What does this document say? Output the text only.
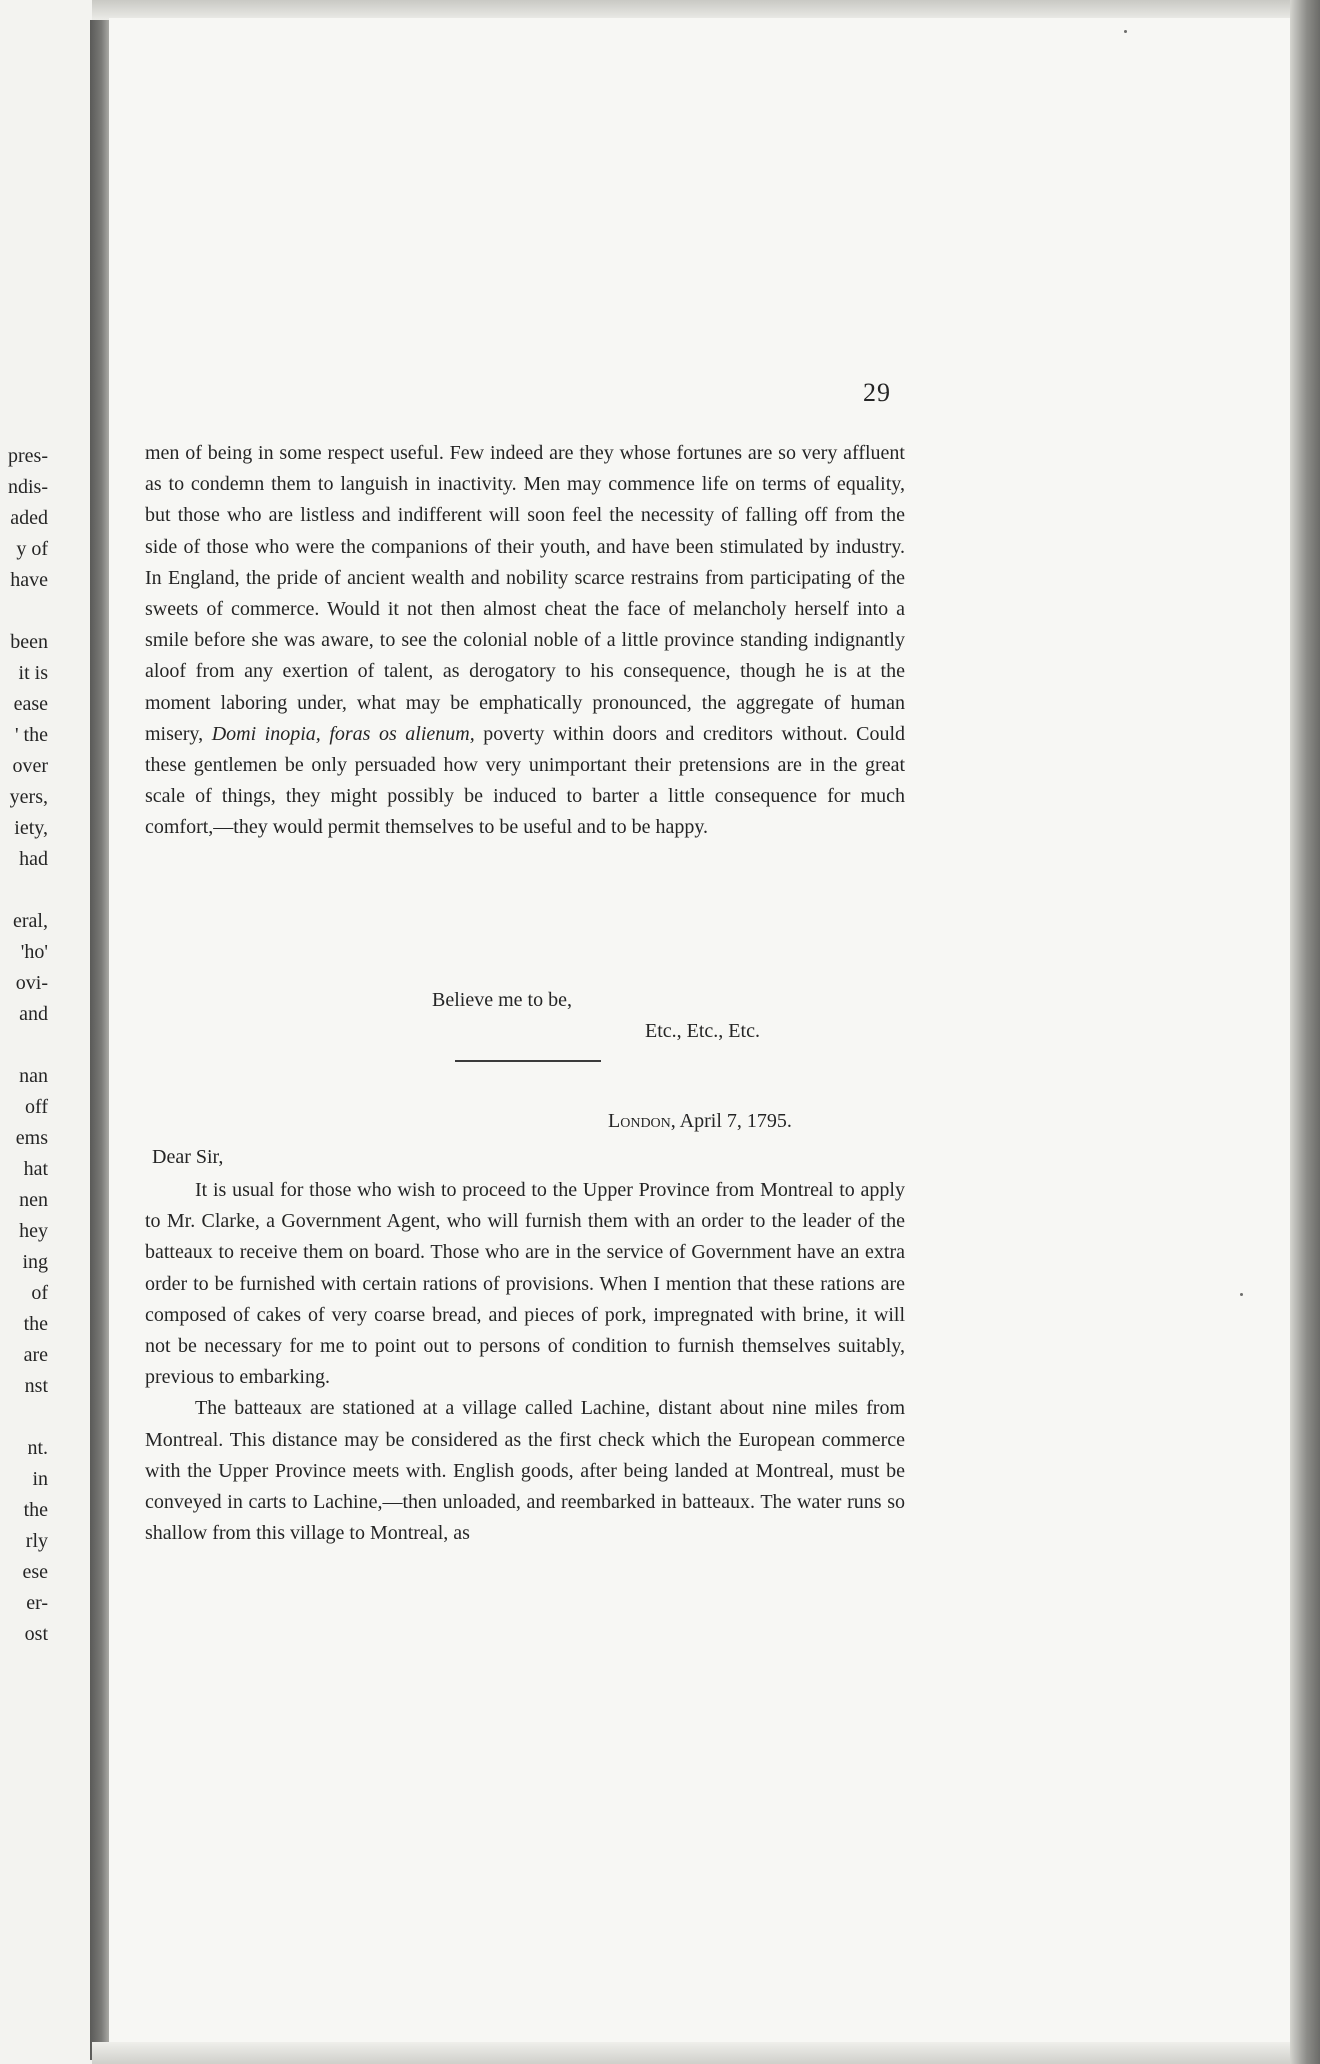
pres-
ndis-
aded
y of
have
been
it is
ease
' the
over
yers,
iety,
had
eral,
'ho'
ovi-
and
nan
off
ems
hat
nen
hey
ing
of
the
are
nst
nt.
in
the
rly
ese
er-
ost
29
men of being in some respect useful. Few indeed are they whose fortunes are so very affluent as to condemn them to languish in inactivity. Men may commence life on terms of equality, but those who are listless and indifferent will soon feel the necessity of falling off from the side of those who were the companions of their youth, and have been stimulated by industry. In England, the pride of ancient wealth and nobility scarce restrains from participating of the sweets of commerce. Would it not then almost cheat the face of melancholy herself into a smile before she was aware, to see the colonial noble of a little province standing indignantly aloof from any exertion of talent, as derogatory to his consequence, though he is at the moment laboring under, what may be emphatically pronounced, the aggregate of human misery, Domi inopia, foras os alienum, poverty within doors and creditors without. Could these gentlemen be only persuaded how very unimportant their pretensions are in the great scale of things, they might possibly be induced to barter a little consequence for much comfort,—they would permit themselves to be useful and to be happy.
Believe me to be,
Etc., Etc., Etc.
London, April 7, 1795.
Dear Sir,

It is usual for those who wish to proceed to the Upper Province from Montreal to apply to Mr. Clarke, a Government Agent, who will furnish them with an order to the leader of the batteaux to receive them on board. Those who are in the service of Government have an extra order to be furnished with certain rations of provisions. When I mention that these rations are composed of cakes of very coarse bread, and pieces of pork, impregnated with brine, it will not be necessary for me to point out to persons of condition to furnish themselves suitably, previous to embarking.

The batteaux are stationed at a village called Lachine, distant about nine miles from Montreal. This distance may be considered as the first check which the European commerce with the Upper Province meets with. English goods, after being landed at Montreal, must be conveyed in carts to Lachine,—then unloaded, and reembarked in batteaux. The water runs so shallow from this village to Montreal, as
